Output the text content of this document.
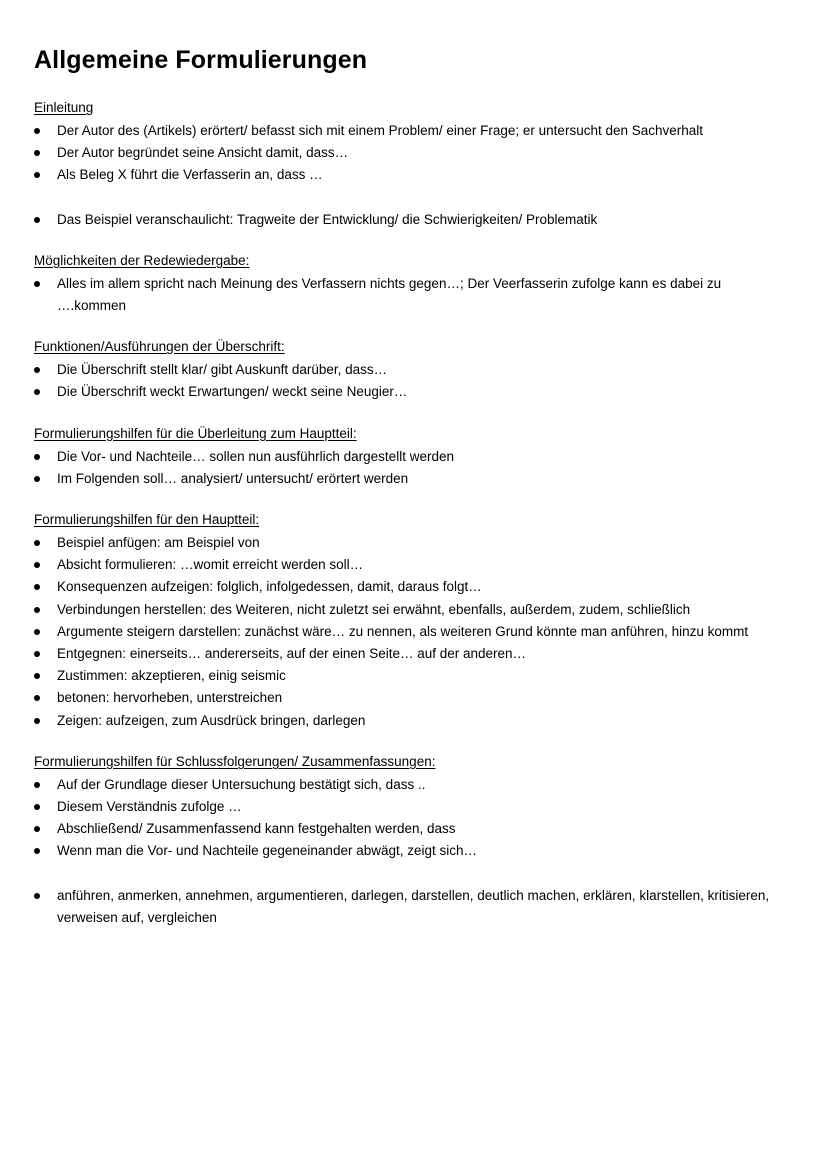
Allgemeine Formulierungen
Einleitung
Der Autor des (Artikels) erörtert/ befasst sich mit einem Problem/ einer Frage; er untersucht den Sachverhalt
Der Autor begründet seine Ansicht damit, dass…
Als Beleg X führt die Verfasserin an, dass …
Das Beispiel veranschaulicht: Tragweite der Entwicklung/ die Schwierigkeiten/ Problematik
Möglichkeiten der Redewiedergabe:
Alles im allem spricht nach Meinung des Verfassern nichts gegen…; Der Veerfasserin zufolge kann es dabei zu ….kommen
Funktionen/Ausführungen der Überschrift:
Die Überschrift stellt klar/ gibt Auskunft darüber, dass…
Die Überschrift weckt Erwartungen/ weckt seine Neugier…
Formulierungshilfen für die Überleitung zum Hauptteil:
Die Vor- und Nachteile… sollen nun ausführlich dargestellt werden
Im Folgenden soll… analysiert/ untersucht/ erörtert werden
Formulierungshilfen für den Hauptteil:
Beispiel anfügen: am Beispiel von
Absicht formulieren: …womit erreicht werden soll…
Konsequenzen aufzeigen: folglich, infolgedessen, damit, daraus folgt…
Verbindungen herstellen: des Weiteren, nicht zuletzt sei erwähnt, ebenfalls, außerdem, zudem, schließlich
Argumente steigern darstellen: zunächst wäre… zu nennen, als weiteren Grund könnte man anführen, hinzu kommt
Entgegnen: einerseits… andererseits, auf der einen Seite… auf der anderen…
Zustimmen: akzeptieren, einig seismic
betonen: hervorheben, unterstreichen
Zeigen: aufzeigen, zum Ausdrück bringen, darlegen
Formulierungshilfen für Schlussfolgerungen/ Zusammenfassungen:
Auf der Grundlage dieser Untersuchung bestätigt sich, dass ..
Diesem Verständnis zufolge …
Abschließend/ Zusammenfassend kann festgehalten werden, dass
Wenn man die Vor- und Nachteile gegeneinander abwägt, zeigt sich…
anführen, anmerken, annehmen, argumentieren, darlegen, darstellen, deutlich machen, erklären, klarstellen, kritisieren, verweisen auf, vergleichen
